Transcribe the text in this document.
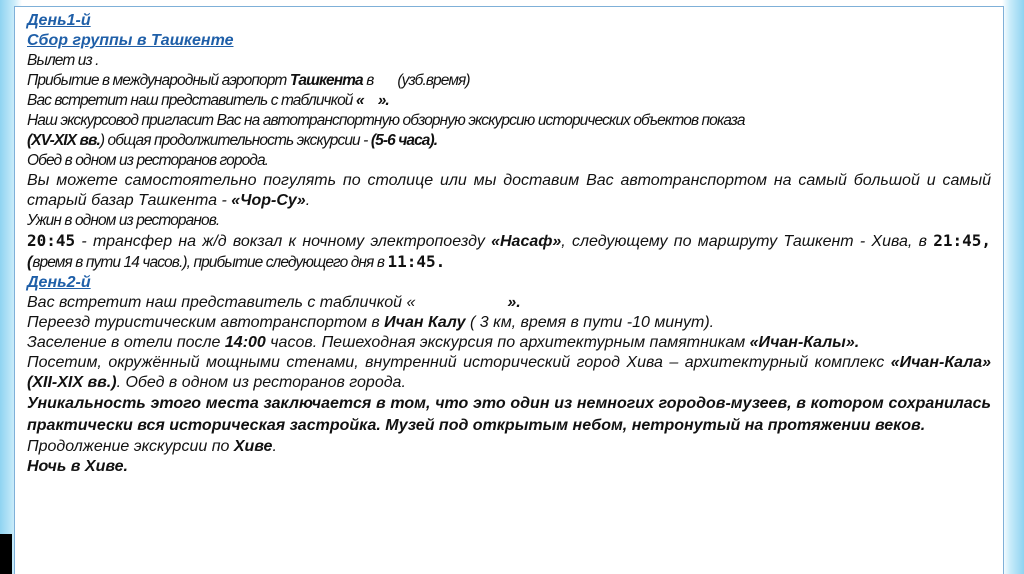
День1-й

Сбор группы в Ташкенте

Вылет из .

Прибытие в международный аэропорт Ташкента в (узб.время)

Вас встретит наш представитель с табличкой « ».

Наш экскурсовод пригласит Вас на автотранспортную обзорную экскурсию исторических объектов показа

(XV-XIX вв.) общая продолжительность экскурсии - (5-6 часа).

Обед в одном из ресторанов города.

Вы можете самостоятельно погулять по столице или мы доставим Вас автотранспортом на самый большой и самый старый базар Ташкента - «Чор-Су».

Ужин в одном из ресторанов.

20:45 - трансфер на ж/д вокзал к ночному электропоезду «Насаф», следующему по маршруту Ташкент - Хива, в 21:45, (время в пути 14 часов.), прибытие следующего дня в 11:45.

День2-й

Вас встретит наш представитель с табличкой «	».

Переезд туристическим автотранспортом в Ичан Калу ( 3 км, время в пути -10 минут).

Заселение в отели после 14:00 часов. Пешеходная экскурсия по архитектурным памятникам «Ичан-Калы».

Посетим, окружённый мощными стенами, внутренний исторический город Хива – архитектурный комплекс «Ичан-Кала» (XII-XIX вв.). Обед в одном из ресторанов города.

Уникальность этого места заключается в том, что это один из немногих городов-музеев, в котором сохранилась практически вся историческая застройка. Музей под открытым небом, нетронутый на протяжении веков.

Продолжение экскурсии по Хиве.

Ночь в Хиве.
